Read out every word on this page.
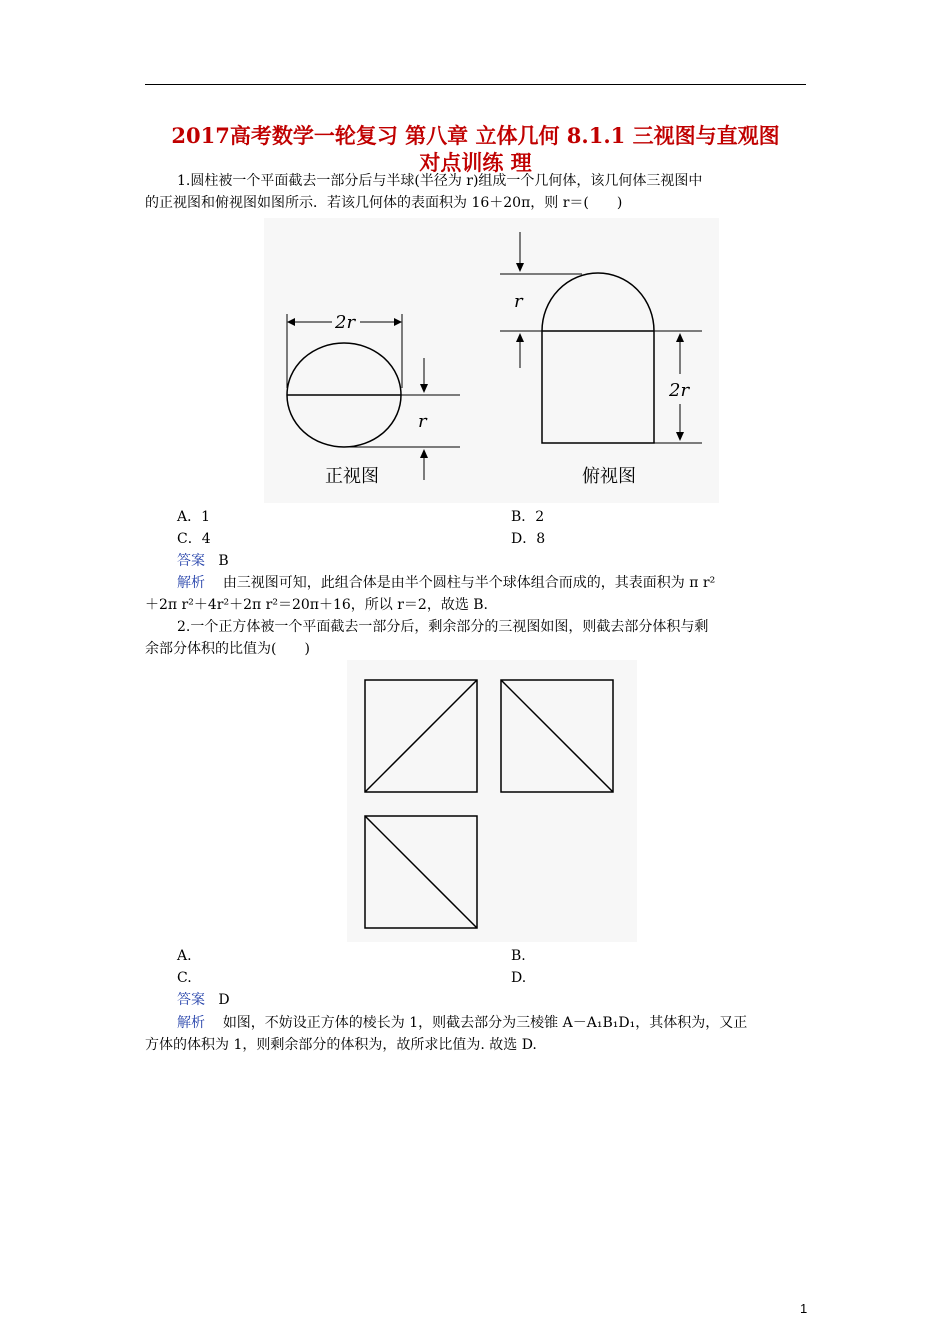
2017高考数学一轮复习 第八章 立体几何 8.1.1 三视图与直观图
对点训练 理
1.圆柱被一个平面截去一部分后与半球(半径为 r)组成一个几何体，该几何体三视图中
的正视图和俯视图如图所示．若该几何体的表面积为 16＋20π，则 r＝(　　)
2r
r
r
2r
正视图	俯视图
A．1	B．2
C．4	D．8
答案 B
解析 由三视图可知，此组合体是由半个圆柱与半个球体组合而成的，其表面积为 π r²
＋2π r²＋4r²＋2π r²＝20π＋16，所以 r＝2，故选 B.
2.一个正方体被一个平面截去一部分后，剩余部分的三视图如图，则截去部分体积与剩
余部分体积的比值为(　　)
A.	B.
C.	D.
答案 D
解析 如图，不妨设正方体的棱长为 1，则截去部分为三棱锥 A－A₁B₁D₁，其体积为，又正
方体的体积为 1，则剩余部分的体积为，故所求比值为. 故选 D.
1
